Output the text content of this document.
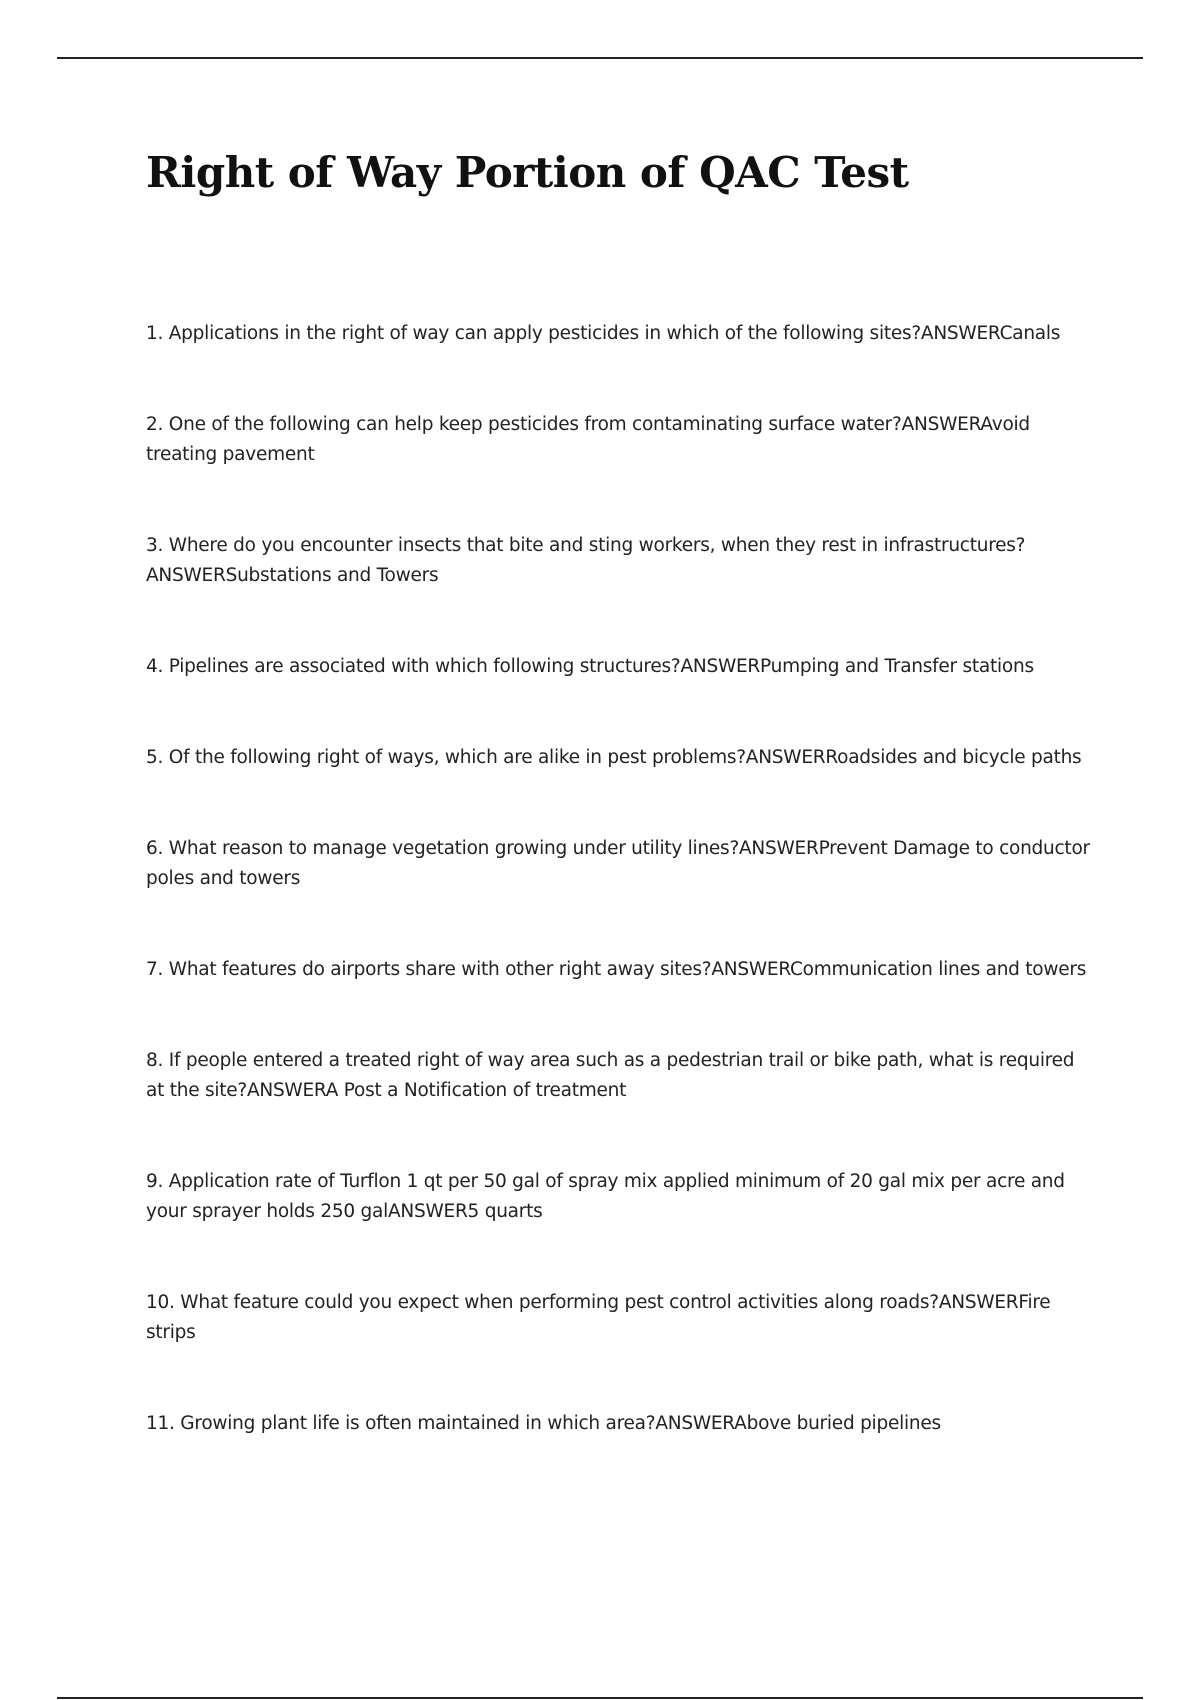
Right of Way Portion of QAC Test
1. Applications in the right of way can apply pesticides in which of the following sites?ANSWERCanals
2. One of the following can help keep pesticides from contaminating surface water?ANSWERAvoid treating pavement
3. Where do you encounter insects that bite and sting workers, when they rest in infrastructures? ANSWERSubstations and Towers
4. Pipelines are associated with which following structures?ANSWERPumping and Transfer stations
5. Of the following right of ways, which are alike in pest problems?ANSWERRoadsides and bicycle paths
6. What reason to manage vegetation growing under utility lines?ANSWERPrevent Damage to conductor poles and towers
7. What features do airports share with other right away sites?ANSWERCommunication lines and towers
8. If people entered a treated right of way area such as a pedestrian trail or bike path, what is required at the site?ANSWERA Post a Notification of treatment
9. Application rate of Turflon 1 qt per 50 gal of spray mix applied minimum of 20 gal mix per acre and your sprayer holds 250 galANSWER5 quarts
10. What feature could you expect when performing pest control activities along roads?ANSWERFire strips
11. Growing plant life is often maintained in which area?ANSWERAbove buried pipelines
